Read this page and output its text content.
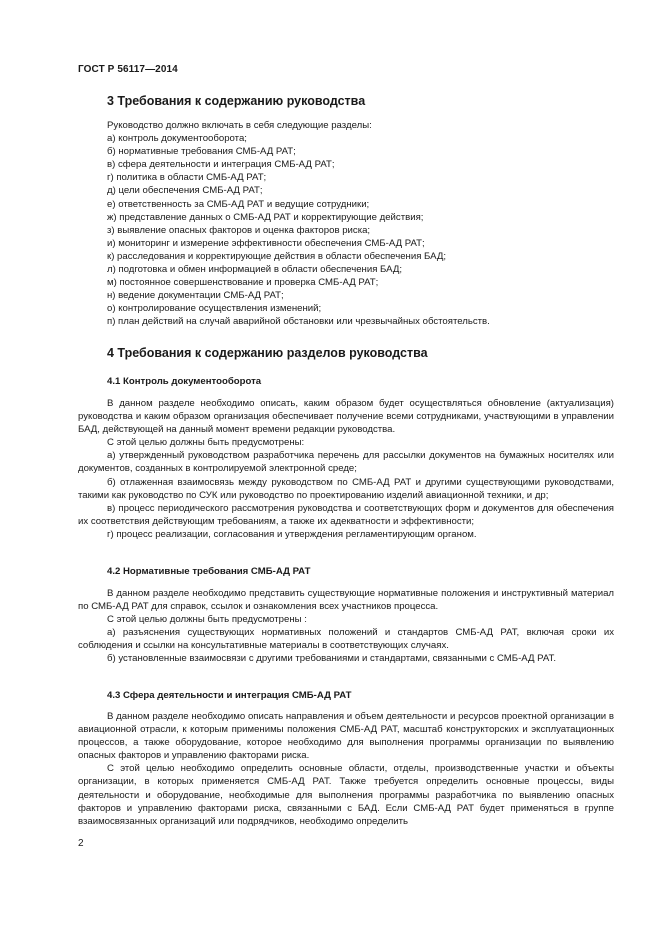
ГОСТ Р 56117—2014
3 Требования к содержанию руководства
Руководство должно включать в себя следующие разделы:
а) контроль документооборота;
б) нормативные требования СМБ-АД РАТ;
в) сфера деятельности и интеграция СМБ-АД РАТ;
г) политика в области СМБ-АД РАТ;
д) цели обеспечения СМБ-АД РАТ;
е) ответственность за СМБ-АД РАТ и ведущие сотрудники;
ж) представление данных о СМБ-АД РАТ и корректирующие действия;
з) выявление опасных факторов и оценка факторов риска;
и) мониторинг и измерение эффективности обеспечения СМБ-АД РАТ;
к) расследования и корректирующие действия в области обеспечения БАД;
л) подготовка и обмен информацией в области обеспечения БАД;
м) постоянное совершенствование и проверка СМБ-АД РАТ;
н) ведение документации СМБ-АД РАТ;
о) контролирование осуществления изменений;
п) план действий на случай аварийной обстановки или чрезвычайных обстоятельств.
4 Требования к содержанию разделов руководства
4.1 Контроль документооборота
В данном разделе необходимо описать, каким образом будет осуществляться обновление (актуализация) руководства и каким образом организация обеспечивает получение всеми сотрудниками, участвующими в управлении БАД, действующей на данный момент времени редакции руководства.
С этой целью должны быть предусмотрены:
а) утвержденный руководством разработчика перечень для рассылки документов на бумажных носителях или документов, созданных в контролируемой электронной среде;
б) отлаженная взаимосвязь между руководством по СМБ-АД РАТ и другими существующими руководствами, такими как руководство по СУК или руководство по проектированию изделий авиационной техники, и др;
в) процесс периодического рассмотрения руководства и соответствующих форм и документов для обеспечения их соответствия действующим требованиям, а также их адекватности и эффективности;
г) процесс реализации, согласования и утверждения регламентирующим органом.
4.2 Нормативные требования СМБ-АД РАТ
В данном разделе необходимо представить существующие нормативные положения и инструктивный материал по СМБ-АД РАТ для справок, ссылок и ознакомления всех участников процесса.
С этой целью должны быть предусмотрены :
а) разъяснения существующих нормативных положений и стандартов СМБ-АД РАТ, включая сроки их соблюдения и ссылки на консультативные материалы в соответствующих случаях.
б) установленные взаимосвязи с другими требованиями и стандартами, связанными с СМБ-АД РАТ.
4.3 Сфера деятельности и интеграция СМБ-АД РАТ
В данном разделе необходимо описать направления и объем деятельности и ресурсов проектной организации в авиационной отрасли, к которым применимы положения СМБ-АД РАТ, масштаб конструкторских и эксплуатационных процессов, а также оборудование, которое необходимо для выполнения программы организации по выявлению опасных факторов и управлению факторами риска.
С этой целью необходимо определить основные области, отделы, производственные участки и объекты организации, в которых применяется СМБ-АД РАТ. Также требуется определить основные процессы, виды деятельности и оборудование, необходимые для выполнения программы разработчика по выявлению опасных факторов и управлению факторами риска, связанными с БАД. Если СМБ-АД РАТ будет применяться в группе взаимосвязанных организаций или подрядчиков, необходимо определить
2
